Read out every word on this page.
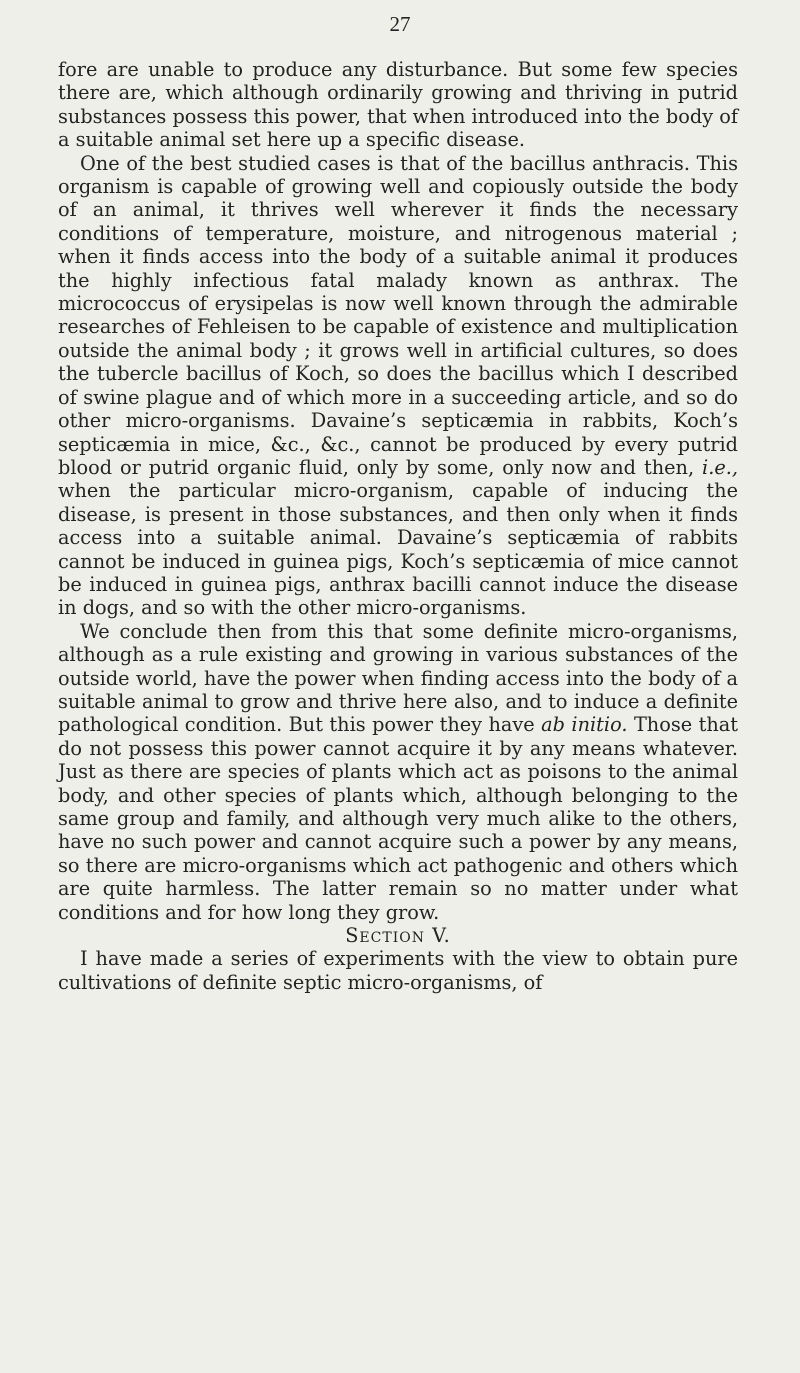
27

fore are unable to produce any disturbance. But some few species there are, which although ordinarily growing and thriving in putrid substances possess this power, that when introduced into the body of a suitable animal set here up a specific disease.

One of the best studied cases is that of the bacillus anthracis. This organism is capable of growing well and copiously outside the body of an animal, it thrives well wherever it finds the necessary conditions of temperature, moisture, and nitrogenous material ; when it finds access into the body of a suitable animal it produces the highly infectious fatal malady known as anthrax. The micrococcus of erysipelas is now well known through the admirable researches of Fehleisen to be capable of existence and multiplication outside the animal body ; it grows well in artificial cultures, so does the tubercle bacillus of Koch, so does the bacillus which I described of swine plague and of which more in a succeeding article, and so do other micro-organisms. Davaine’s septicæmia in rabbits, Koch’s septicæmia in mice, &c., &c., cannot be produced by every putrid blood or putrid organic fluid, only by some, only now and then, i.e., when the particular micro-organism, capable of inducing the disease, is present in those substances, and then only when it finds access into a suitable animal. Davaine’s septicæmia of rabbits cannot be induced in guinea pigs, Koch’s septicæmia of mice cannot be induced in guinea pigs, anthrax bacilli cannot induce the disease in dogs, and so with the other micro-organisms.

We conclude then from this that some definite micro-organisms, although as a rule existing and growing in various substances of the outside world, have the power when finding access into the body of a suitable animal to grow and thrive here also, and to induce a definite pathological condition. But this power they have ab initio. Those that do not possess this power cannot acquire it by any means whatever. Just as there are species of plants which act as poisons to the animal body, and other species of plants which, although belonging to the same group and family, and although very much alike to the others, have no such power and cannot acquire such a power by any means, so there are micro-organisms which act pathogenic and others which are quite harmless. The latter remain so no matter under what conditions and for how long they grow.

Section V.

I have made a series of experiments with the view to obtain pure cultivations of definite septic micro-organisms, of
